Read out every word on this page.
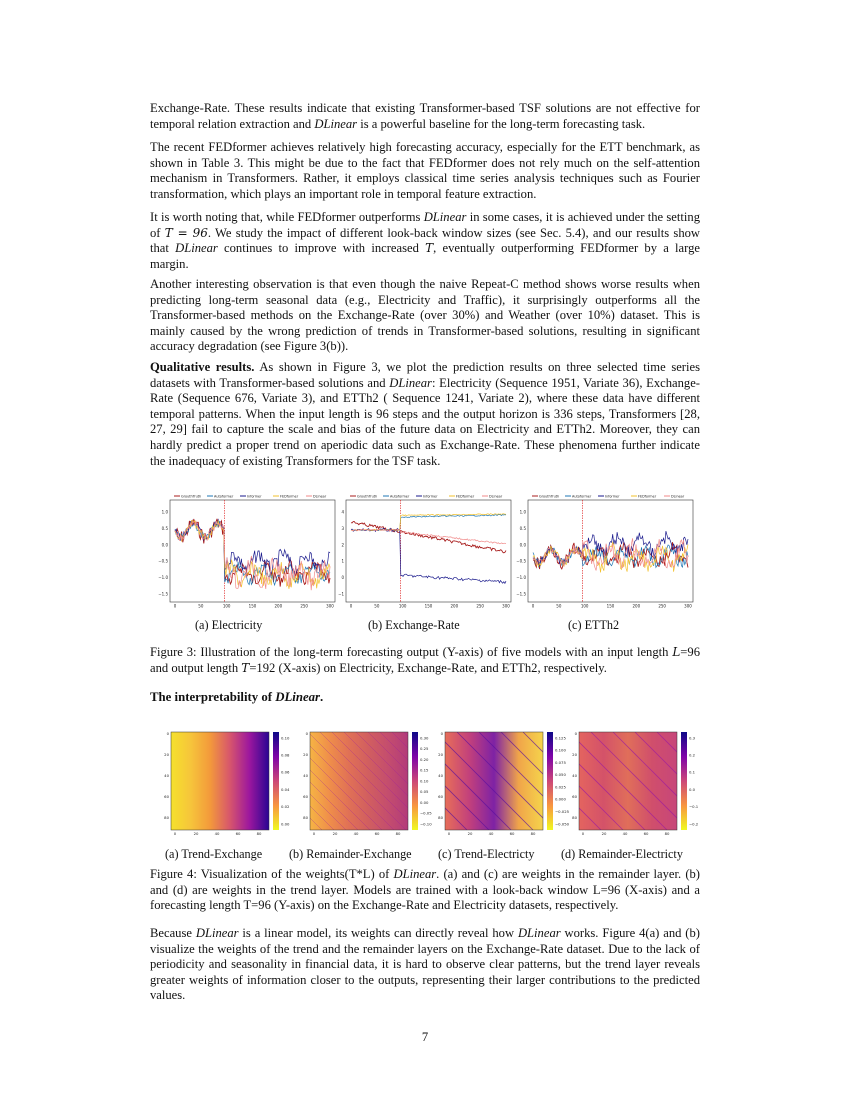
Exchange-Rate. These results indicate that existing Transformer-based TSF solutions are not effective for temporal relation extraction and DLinear is a powerful baseline for the long-term forecasting task.

The recent FEDformer achieves relatively high forecasting accuracy, especially for the ETT benchmark, as shown in Table 3. This might be due to the fact that FEDformer does not rely much on the self-attention mechanism in Transformers. Rather, it employs classical time series analysis techniques such as Fourier transformation, which plays an important role in temporal feature extraction.

It is worth noting that, while FEDformer outperforms DLinear in some cases, it is achieved under the setting of T = 96. We study the impact of different look-back window sizes (see Sec. 5.4), and our results show that DLinear continues to improve with increased T, eventually outperforming FEDformer by a large margin.

Another interesting observation is that even though the naive Repeat-C method shows worse results when predicting long-term seasonal data (e.g., Electricity and Traffic), it surprisingly outperforms all the Transformer-based methods on the Exchange-Rate (over 30%) and Weather (over 10%) dataset. This is mainly caused by the wrong prediction of trends in Transformer-based solutions, resulting in significant accuracy degradation (see Figure 3(b)).

Qualitative results. As shown in Figure 3, we plot the prediction results on three selected time series datasets with Transformer-based solutions and DLinear: Electricity (Sequence 1951, Variate 36), Exchange-Rate (Sequence 676, Variate 3), and ETTh2 ( Sequence 1241, Variate 2), where these data have different temporal patterns. When the input length is 96 steps and the output horizon is 336 steps, Transformers [28, 27, 29] fail to capture the scale and bias of the future data on Electricity and ETTh2. Moreover, they can hardly predict a proper trend on aperiodic data such as Exchange-Rate. These phenomena further indicate the inadequacy of existing Transformers for the TSF task.

GrouthTruth	Autoformer	Informer	FEDformer	DLinear
1.0
0.5
0.0
−0.5
−1.0
−1.5
0	50	100	150	200	250	300
GrouthTruth	Autoformer	Informer	FEDformer	DLinear
4
3
2
1
0
−1
0	50	100	150	200	250	300
GrouthTruth	Autoformer	Informer	FEDformer	DLinear
1.0
0.5
0.0
−0.5
−1.0
−1.5
0	50	100	150	200	250	300
(a) Electricity	(b) Exchange-Rate	(c) ETTh2

Figure 3: Illustration of the long-term forecasting output (Y-axis) of five models with an input length L=96 and output length T=192 (X-axis) on Electricity, Exchange-Rate, and ETTh2, respectively.

The interpretability of DLinear.
0	20	40	60	80
0
20
40
60
80
0.10
0.08
0.06
0.04
0.02
0.00
0	20	40	60	80
0
20
40
60
80
0.30
0.25
0.20
0.15
0.10
0.05
0.00
−0.05
−0.10
0	20	40	60	80
0
20
40
60
80
0.125
0.100
0.075
0.050
0.025
0.000
−0.025
−0.050
0	20	40	60	80
0
20
40
60
80
0.3
0.2
0.1
0.0
−0.1
−0.2
(a) Trend-Exchange (b) Remainder-Exchange (c) Trend-Electricty (d) Remainder-Electricty

Figure 4: Visualization of the weights(T*L) of DLinear. (a) and (c) are weights in the remainder layer. (b) and (d) are weights in the trend layer. Models are trained with a look-back window L=96 (X-axis) and a forecasting length T=96 (Y-axis) on the Exchange-Rate and Electricity datasets, respectively.

Because DLinear is a linear model, its weights can directly reveal how DLinear works. Figure 4(a) and (b) visualize the weights of the trend and the remainder layers on the Exchange-Rate dataset. Due to the lack of periodicity and seasonality in financial data, it is hard to observe clear patterns, but the trend layer reveals greater weights of information closer to the outputs, representing their larger contributions to the predicted values.

7
